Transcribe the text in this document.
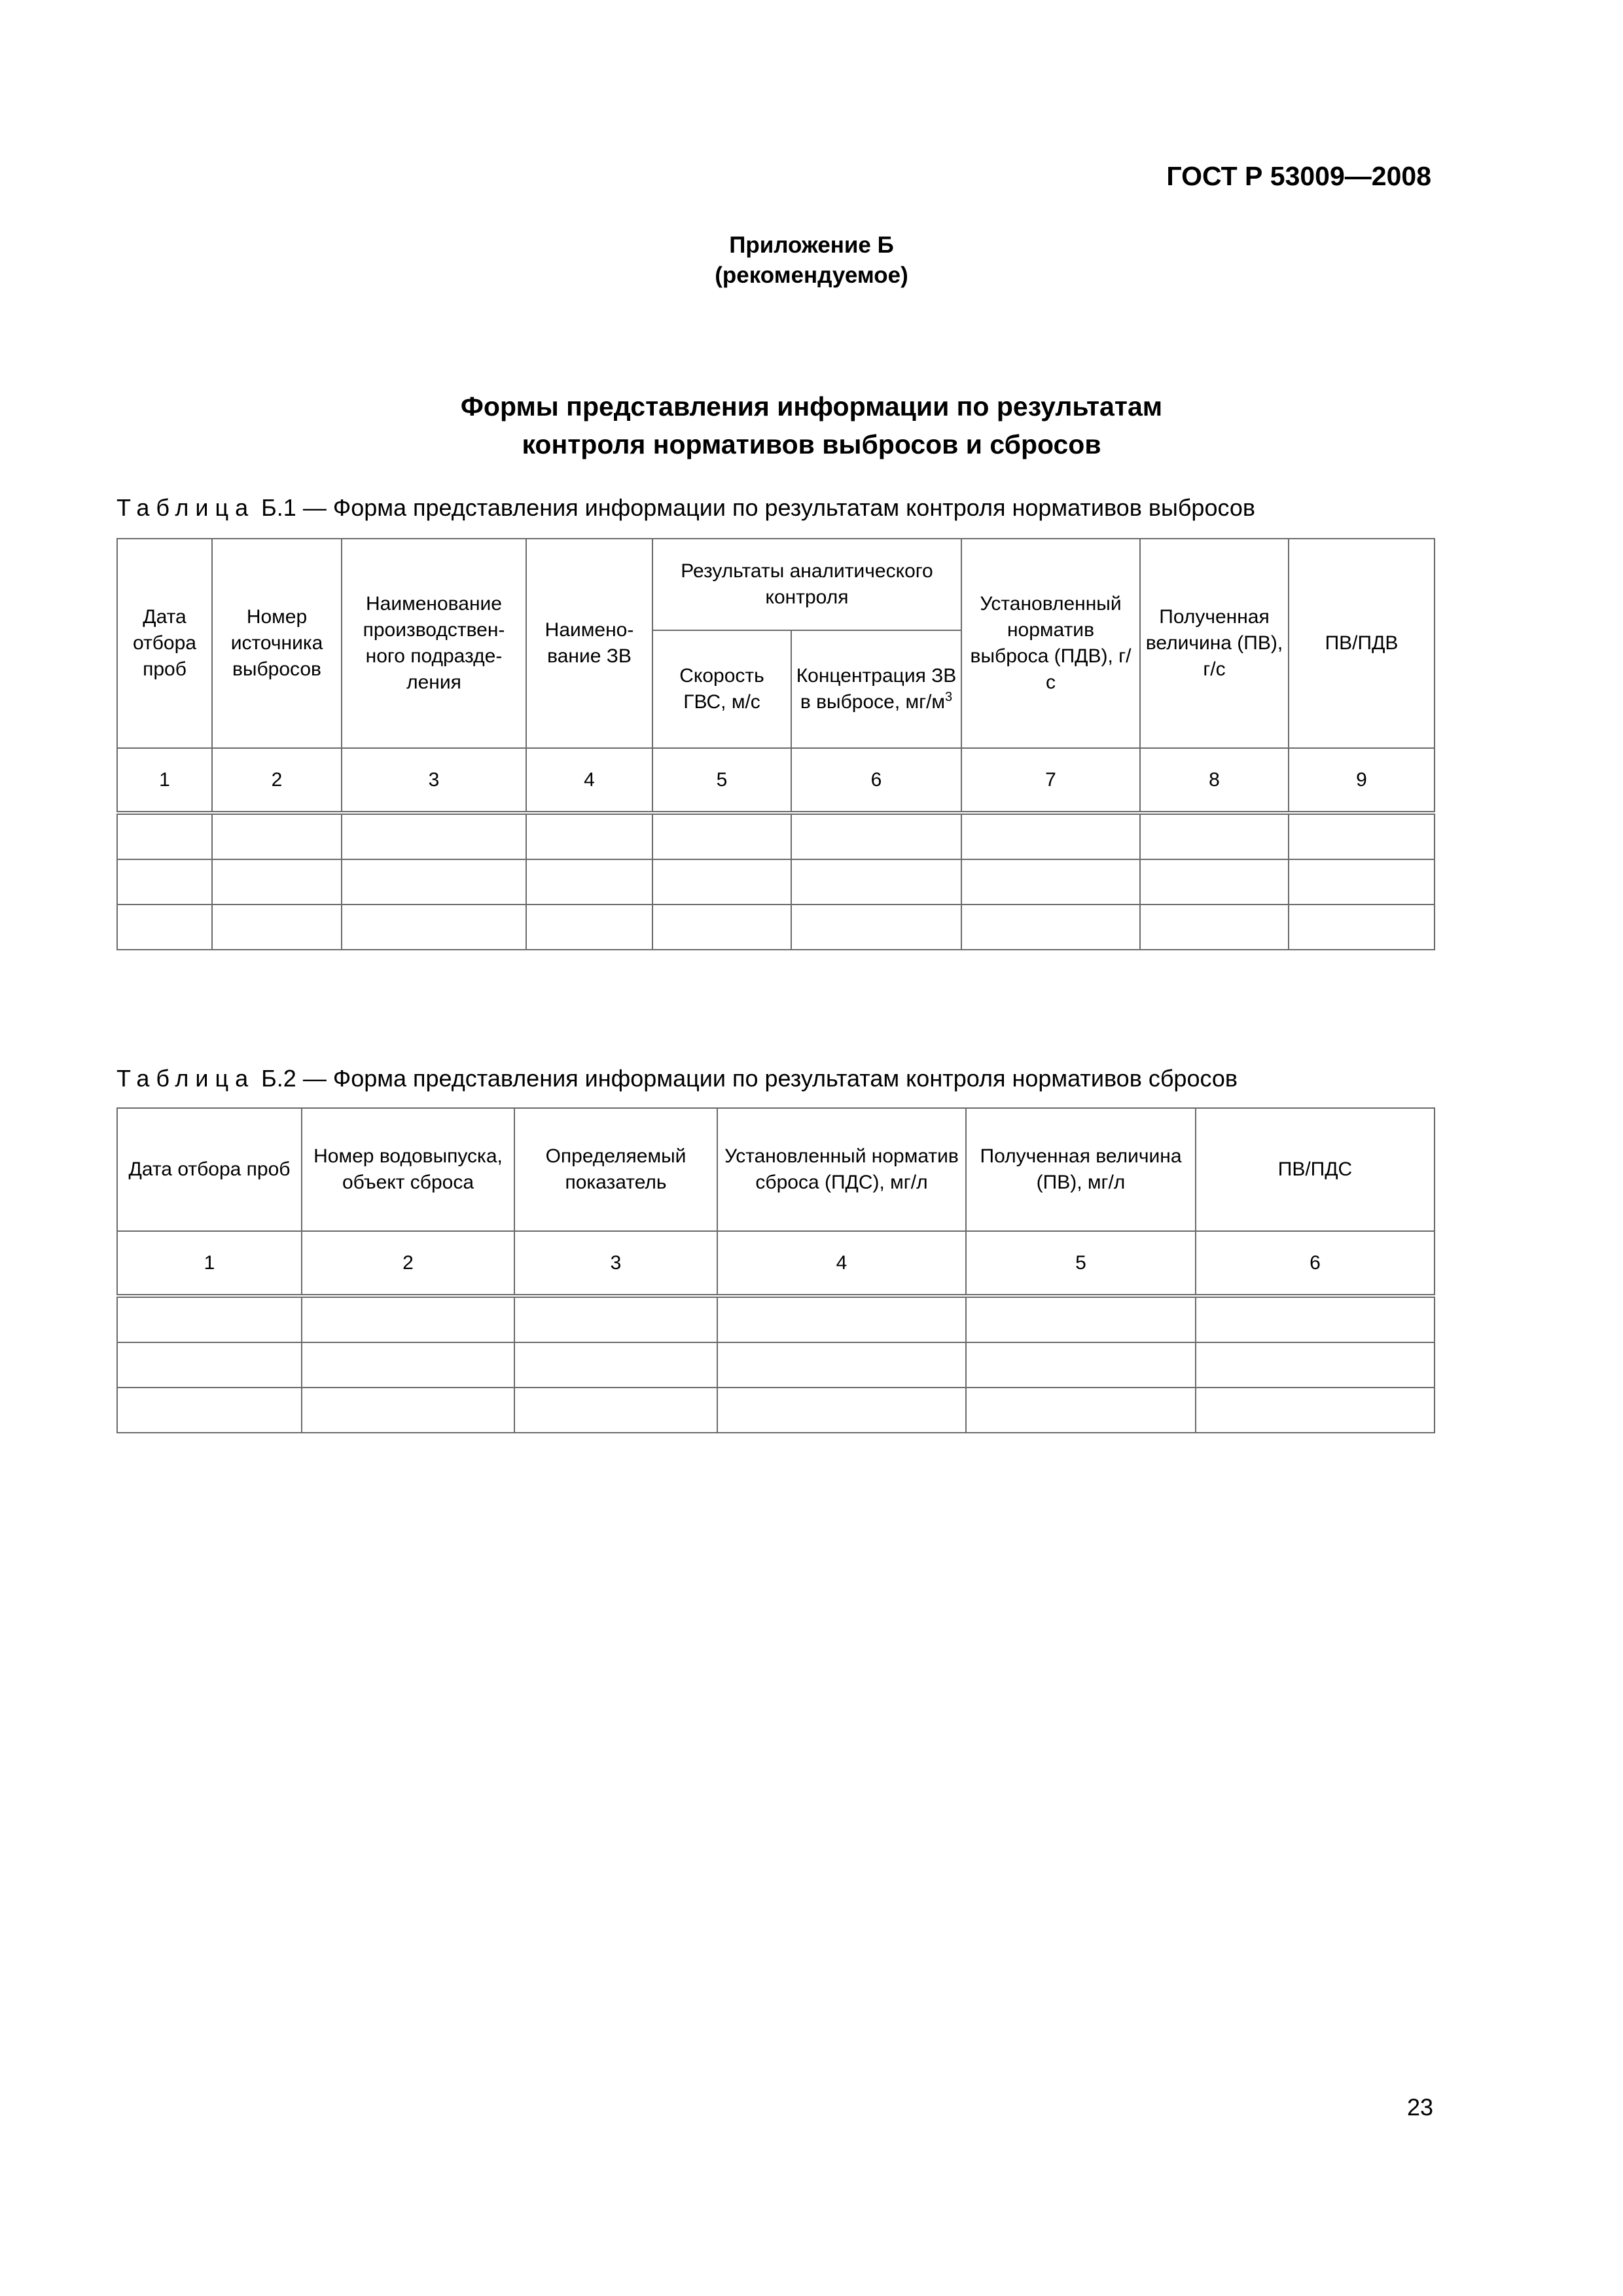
ГОСТ Р 53009—2008
Приложение Б
(рекомендуемое)
Формы представления информации по результатам
контроля нормативов выбросов и сбросов
Таблица Б.1 — Форма представления информации по результатам контроля нормативов выбросов
Дата отбора проб	Номер источника выбросов	Наименование производствен-ного подразде-ления	Наимено-вание ЗВ	Результаты аналитического контроля		Установленный норматив выброса (ПДВ), г/с	Полученная величина (ПВ), г/с	ПВ/ПДВ
				Скорость ГВС, м/с	Концентрация ЗВ в выбросе, $мг/м^3$
1	2	3	4	5	6	7	8	9

Таблица Б.2 — Форма представления информации по результатам контроля нормативов сбросов
Дата отбора проб	Номер водовыпуска, объект сброса	Определяемый показатель	Установленный норматив сброса (ПДС), мг/л	Полученная величина (ПВ), мг/л	ПВ/ПДС
1	2	3	4	5	6

23
